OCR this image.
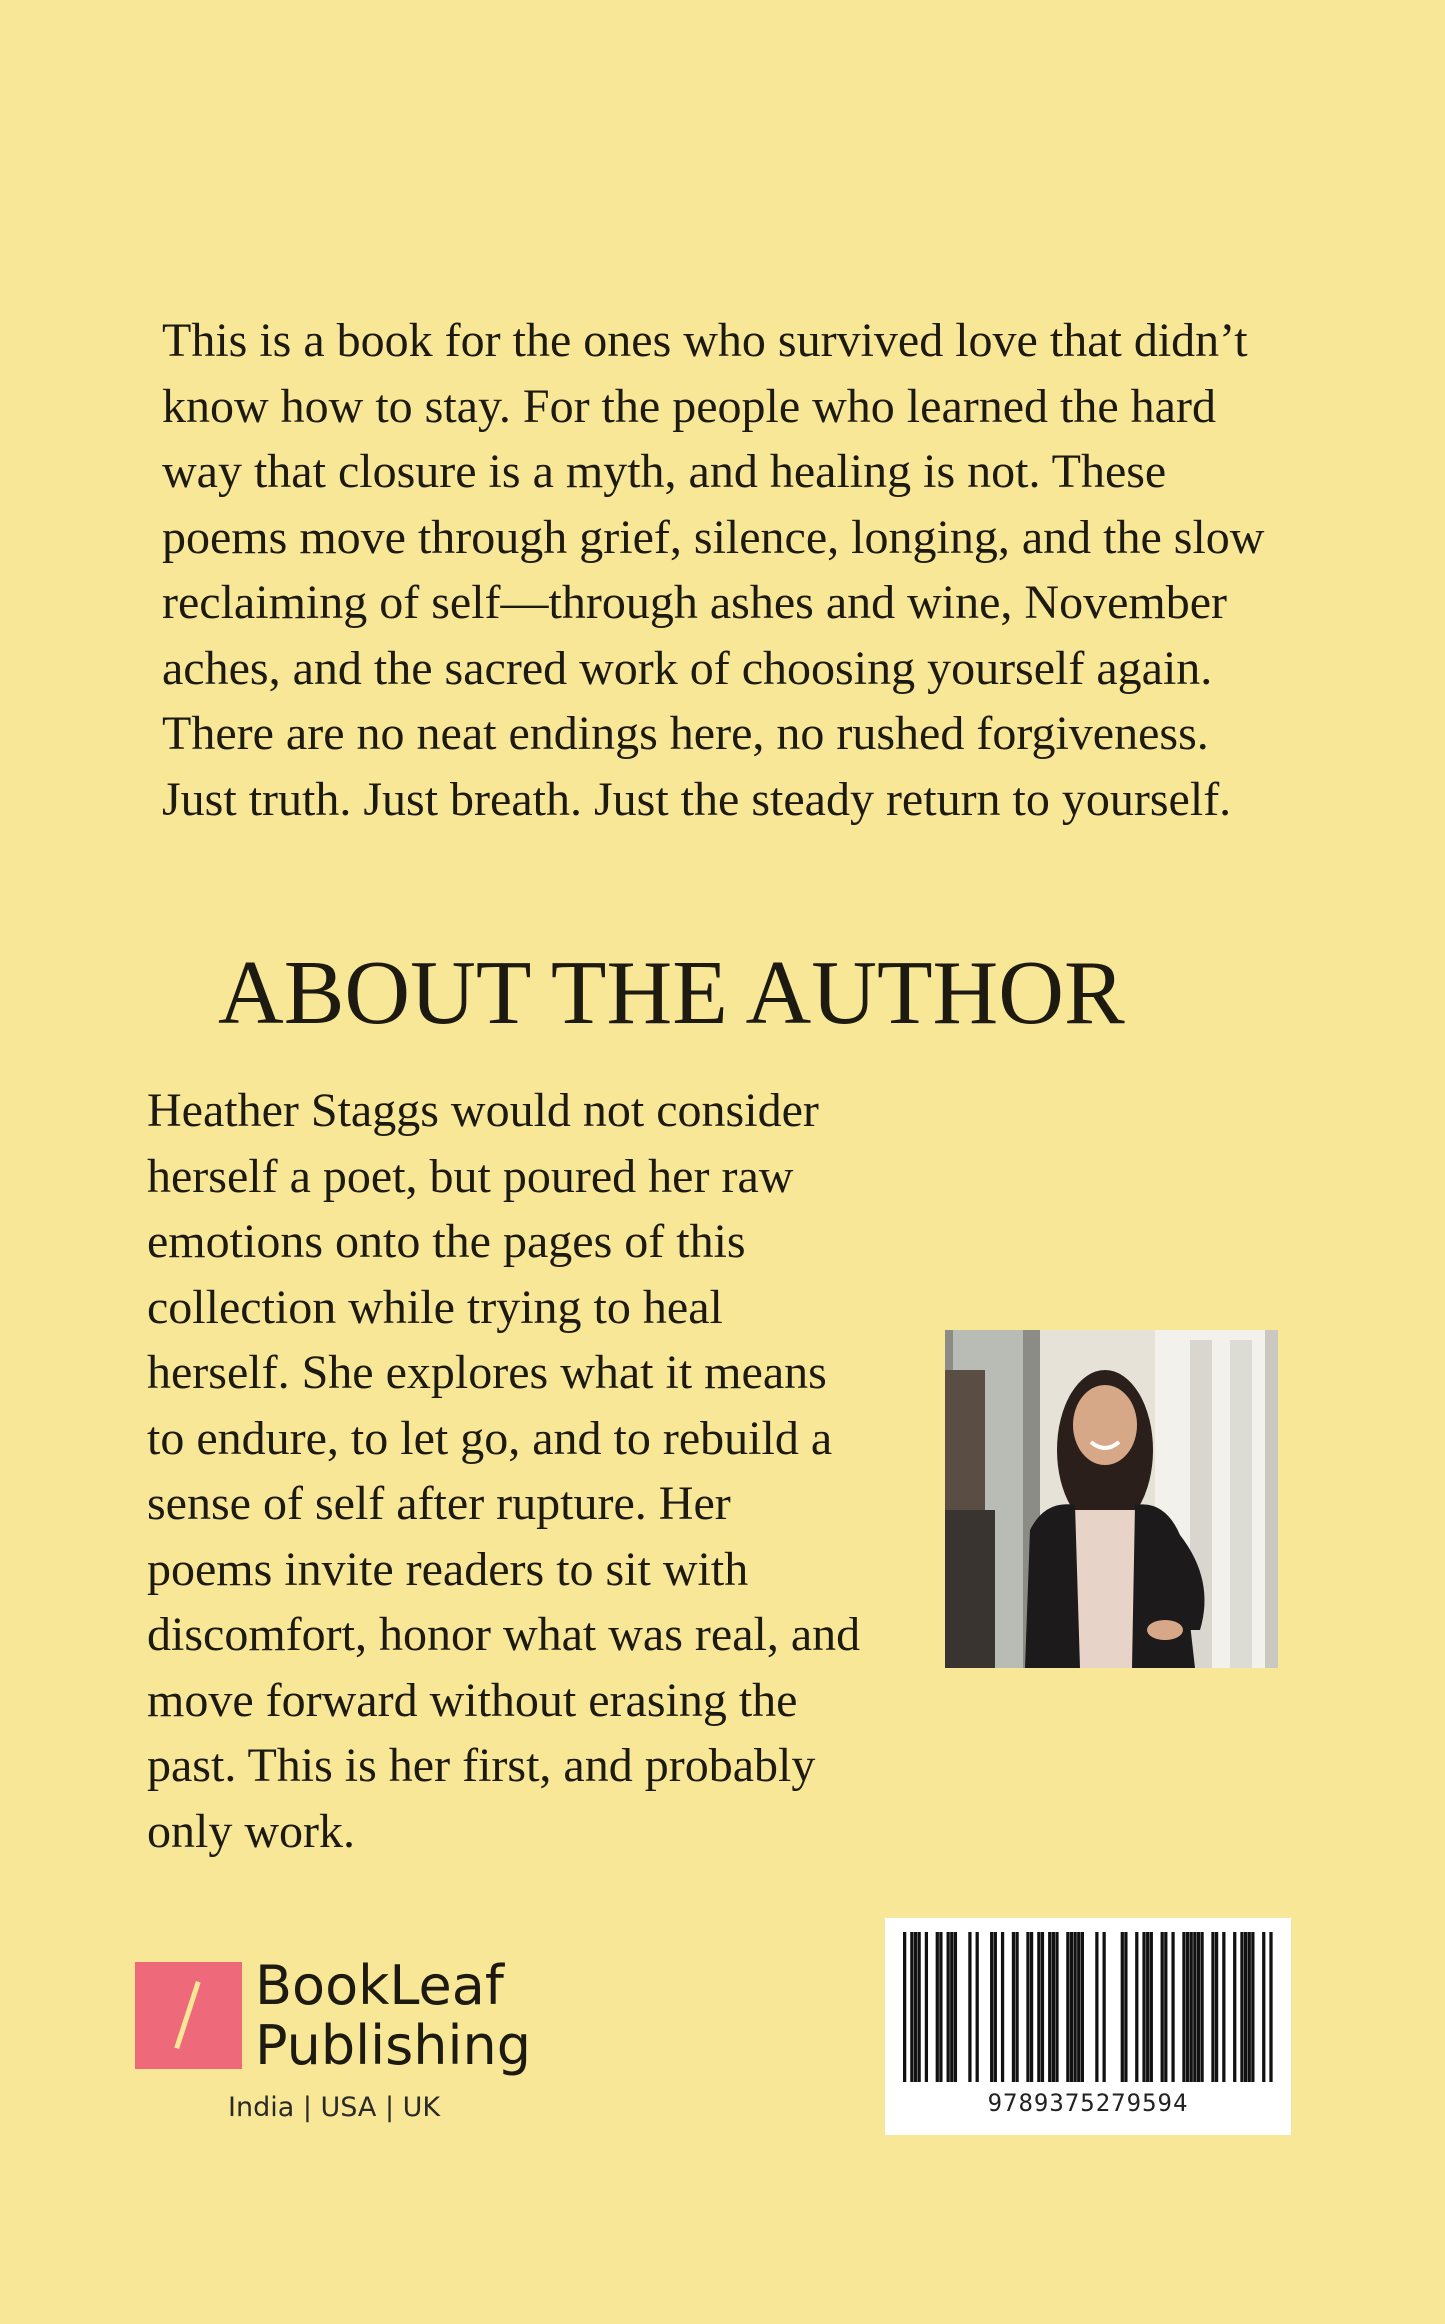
This is a book for the ones who survived love that didn’t
know how to stay. For the people who learned the hard
way that closure is a myth, and healing is not. These
poems move through grief, silence, longing, and the slow
reclaiming of self—through ashes and wine, November
aches, and the sacred work of choosing yourself again.
There are no neat endings here, no rushed forgiveness.
Just truth. Just breath. Just the steady return to yourself.
ABOUT THE AUTHOR
Heather Staggs would not consider
herself a poet, but poured her raw
emotions onto the pages of this
collection while trying to heal
herself. She explores what it means
to endure, to let go, and to rebuild a
sense of self after rupture. Her
poems invite readers to sit with
discomfort, honor what was real, and
move forward without erasing the
past. This is her first, and probably
only work.
BookLeaf
Publishing
India | USA | UK	9789375279594
